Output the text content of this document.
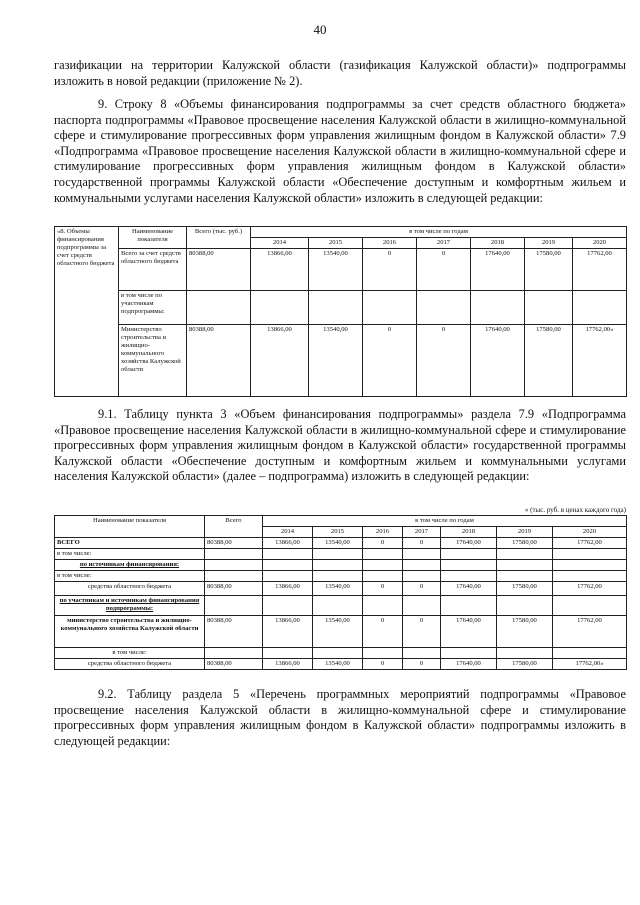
40
газификации на территории Калужской области (газификация Калужской области)» подпрограммы изложить в новой редакции (приложение № 2).
9. Строку 8 «Объемы финансирования подпрограммы за счет средств областного бюджета» паспорта подпрограммы «Правовое просвещение населения Калужской области в жилищно-коммунальной сфере и стимулирование прогрессивных форм управления жилищным фондом в Калужской области» 7.9 «Подпрограмма «Правовое просвещение населения Калужской области в жилищно-коммунальной сфере и стимулирование прогрессивных форм управления жилищным фондом в Калужской области» государственной программы Калужской области «Обеспечение доступным и комфортным жильем и коммунальными услугами населения Калужской области» изложить в следующей редакции:
«8. Объемы финансирования подпрограммы за счет средств областного бюджета	Наименование показателя	Всего (тыс. руб.)	в том числе по годам						
			2014	2015	2016	2017	2018	2019	2020
	Всего за счет средств областного бюджета	80388,00	13866,00	13540,00	0	0	17640,00	17580,00	17762,00
	в том числе по участникам подпрограммы:								
	Министерство строительства и жилищно-коммунального хозяйства Калужской области	80388,00	13866,00	13540,00	0	0	17640,00	17580,00	17762,00»
9.1. Таблицу пункта 3 «Объем финансирования подпрограммы» раздела 7.9 «Подпрограмма «Правовое просвещение населения Калужской области в жилищно-коммунальной сфере и стимулирование прогрессивных форм управления жилищным фондом в Калужской области» государственной программы Калужской области «Обеспечение доступным и комфортным жильем и коммунальными услугами населения Калужской области» (далее – подпрограмма) изложить в следующей редакции:
« (тыс. руб. в ценах каждого года)
Наименование показателя	Всего	в том числе по годам						
		2014	2015	2016	2017	2018	2019	2020
ВСЕГО	80388,00	13866,00	13540,00	0	0	17640,00	17580,00	17762,00
в том числе:								
по источникам финансирования:								
в том числе:								
средства областного бюджета	80388,00	13866,00	13540,00	0	0	17640,00	17580,00	17762,00
по участникам и источникам финансирования подпрограммы:								
министерство строительства и жилищно-коммунального хозяйства Калужской области	80388,00	13866,00	13540,00	0	0	17640,00	17580,00	17762,00
в том числе:								
средства областного бюджета	80388,00	13866,00	13540,00	0	0	17640,00	17580,00	17762,00»
9.2. Таблицу раздела 5 «Перечень программных мероприятий подпрограммы «Правовое просвещение населения Калужской области в жилищно-коммунальной сфере и стимулирование прогрессивных форм управления жилищным фондом в Калужской области» подпрограммы изложить в следующей редакции:
